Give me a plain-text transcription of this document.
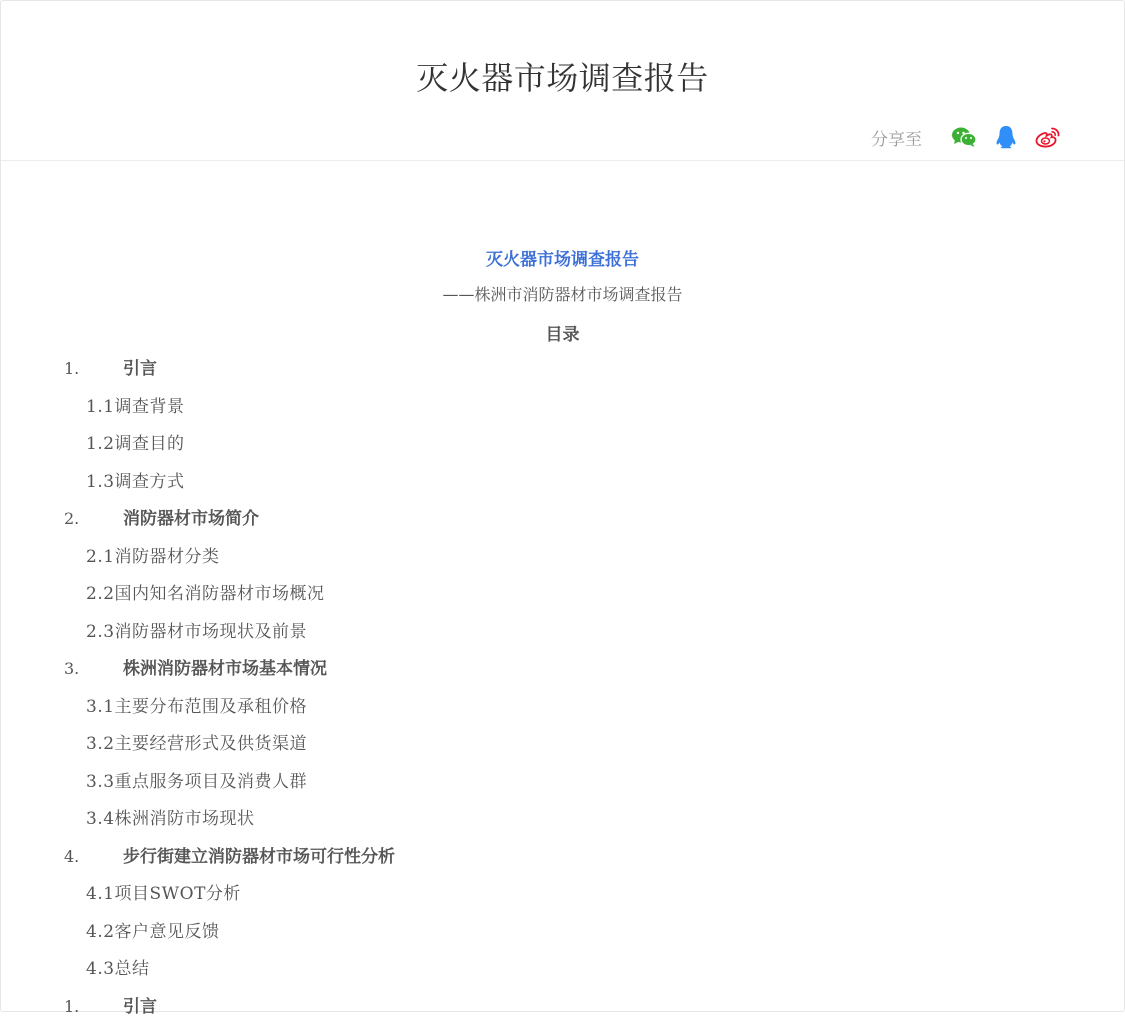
灭火器市场调查报告
分享至
灭火器市场调查报告
——株洲市消防器材市场调查报告
目录
1.	引言
1.1调查背景
1.2调查目的
1.3调查方式
2.	消防器材市场简介
2.1消防器材分类
2.2国内知名消防器材市场概况
2.3消防器材市场现状及前景
3.	株洲消防器材市场基本情况
3.1主要分布范围及承租价格
3.2主要经营形式及供货渠道
3.3重点服务项目及消费人群
3.4株洲消防市场现状
4.	步行街建立消防器材市场可行性分析
4.1项目SWOT分析
4.2客户意见反馈
4.3总结
1.	引言
